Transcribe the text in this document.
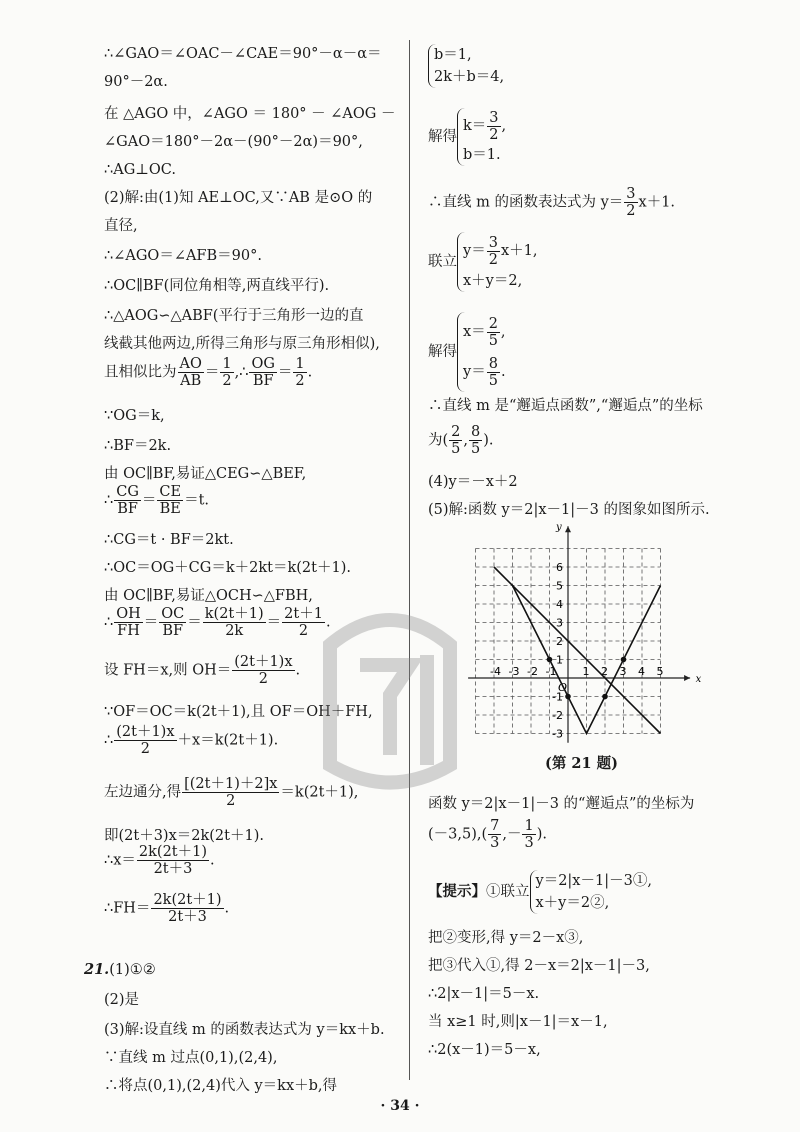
∴∠GAO＝∠OAC－∠CAE＝90°－α－α＝
90°－2α.
在 △AGO 中，∠AGO ＝ 180° － ∠AOG －
∠GAO＝180°－2α－(90°－2α)＝90°,
∴AG⊥OC.
(2)解:由(1)知 AE⊥OC,又∵AB 是⊙O 的
直径,
∴∠AGO＝∠AFB＝90°.
∴OC∥BF(同位角相等,两直线平行).
∴△AOG∽△ABF(平行于三角形一边的直
线截其他两边,所得三角形与原三角形相似),
且相似比为 $\frac{AO}{AB} = \frac{1}{2}$ ,∴ $\frac{OG}{BF} = \frac{1}{2}$ .
∵OG＝k,
∴BF＝2k.
由 OC∥BF,易证△CEG∽△BEF,
∴ $\frac{CG}{BF} = \frac{CE}{BE} =t$.
∴CG＝t · BF＝2kt.
∴OC＝OG＋CG＝k＋2kt＝k(2t＋1).
由 OC∥BF,易证△OCH∽△FBH,
∴ $\frac{OH}{FH} = \frac{OC}{BF} = \frac{k(2t+1)}{2k} = \frac{2t+1}{2}$ .
设 FH＝x,则 $OH= \frac{(2t+1)x}{2}$ .
∵OF＝OC＝k(2t＋1),且 OF＝OH＋FH,
∴ $\frac{(2t+1)x}{2} +x=k(2t+1)$.
左边通分,得 $\frac{[(2t+1)+2]x}{2} =k(2t+1)$,
即(2t＋3)x＝2k(2t＋1).
∴x＝ $\frac{2k(2t+1)}{2t+3}$ .
∴FH＝ $\frac{2k(2t+1)}{2t+3}$ .
21.(1)①②
(2)是
(3)解:设直线 m 的函数表达式为 y＝kx＋b.
∵直线 m 过点(0,1),(2,4),
∴将点(0,1),(2,4)代入 y＝kx＋b,得
b＝1,
2k＋b＝4,
解得
$k= \frac{3}{2}$ ,
b＝1.
∴直线 m 的函数表达式为 $y= \frac{3}{2} x+1$.
联立
$y= \frac{3}{2} x+1$,
x＋y＝2,
解得
$x= \frac{2}{5}$ ,
$y= \frac{8}{5}$ .
∴直线 m 是“邂逅点函数”,“邂逅点”的坐标
为( $\frac{2}{5}$ , $\frac{8}{5}$ ).
(4)y＝－x＋2
(5)解:函数 y＝2|x－1|－3 的图象如图所示.
函数 y＝2|x－1|－3 的“邂逅点”的坐标为
$(-3,5),( \frac{7}{3}$ ,－ $\frac{1}{3}$ ).
【提示】①联立
y＝2|x－1|－3①,
x＋y＝2②,
把②变形,得 y＝2－x③,
把③代入①,得 2－x＝2|x－1|－3,
∴2|x－1|＝5－x.
当 x≥1 时,则|x－1|＝x－1,
∴2(x－1)＝5－x,
x
y
O
-4 -3 -2 -1 1 2 3 4 5
6
5
4
3
2
1
-1
-2
-3
(第 21 题)
· 34 ·
